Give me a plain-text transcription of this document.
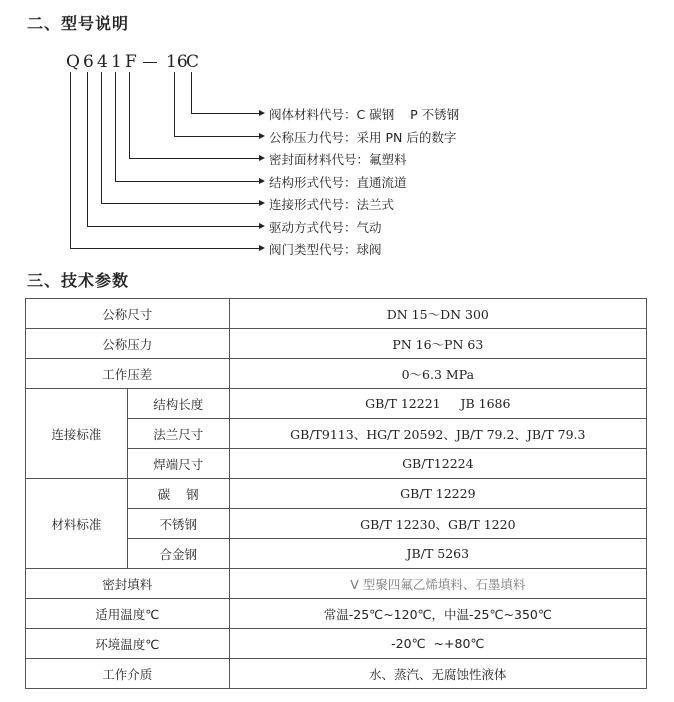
二、型号说明
Q 6 4 1 F 16
C
阀体材料代号：C 碳钢    P 不锈钢
公称压力代号：采用 PN 后的数字
密封面材料代号：氟塑料
结构形式代号：直通流道
连接形式代号：法兰式
驱动方式代号：气动
阀门类型代号：球阀
三、技术参数
公称尺寸		DN 15～DN 300
公称压力		PN 16～PN 63
工作压差		0～6.3 MPa
连接标准	结构长度	GB/T 12221     JB 1686
	法兰尺寸	GB/T9113、HG/T 20592、JB/T 79.2、JB/T 79.3
	焊端尺寸	GB/T12224
材料标准	碳    钢	GB/T 12229
	不锈钢	GB/T 12230、GB/T 1220
	合金钢	JB/T 5263
密封填料		V 型聚四氟乙烯填料、石墨填料
适用温度℃		常温-25℃~120℃，中温-25℃~350℃
环境温度℃		-20℃  ~+80℃
工作介质		水、蒸汽、无腐蚀性液体
